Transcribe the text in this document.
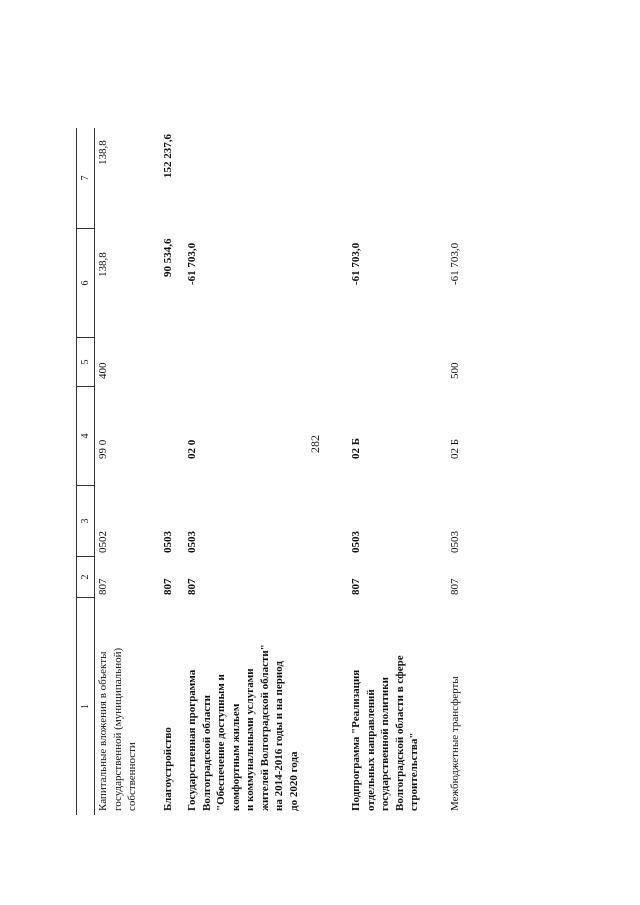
282
1
2
3
4
5
6
7
Капитальные вложения в объекты государственной (муниципальной) собственности
807
0502
99 0
400
138,8
138,8
Благоустройство
807
0503
90 534,6
152 237,6
Государственная программа Волгоградской области "Обеспечение доступным и комфортным жильем и коммунальными услугами жителей Волгоградской области" на 2014-2016 годы и на период до 2020 года
807
0503
02 0
-61 703,0
Подпрограмма "Реализация отдельных направлений государственной политики Волгоградской области в сфере строительства"
807
0503
02 Б
-61 703,0
Межбюджетные трансферты
807
0503
02 Б
500
-61 703,0
